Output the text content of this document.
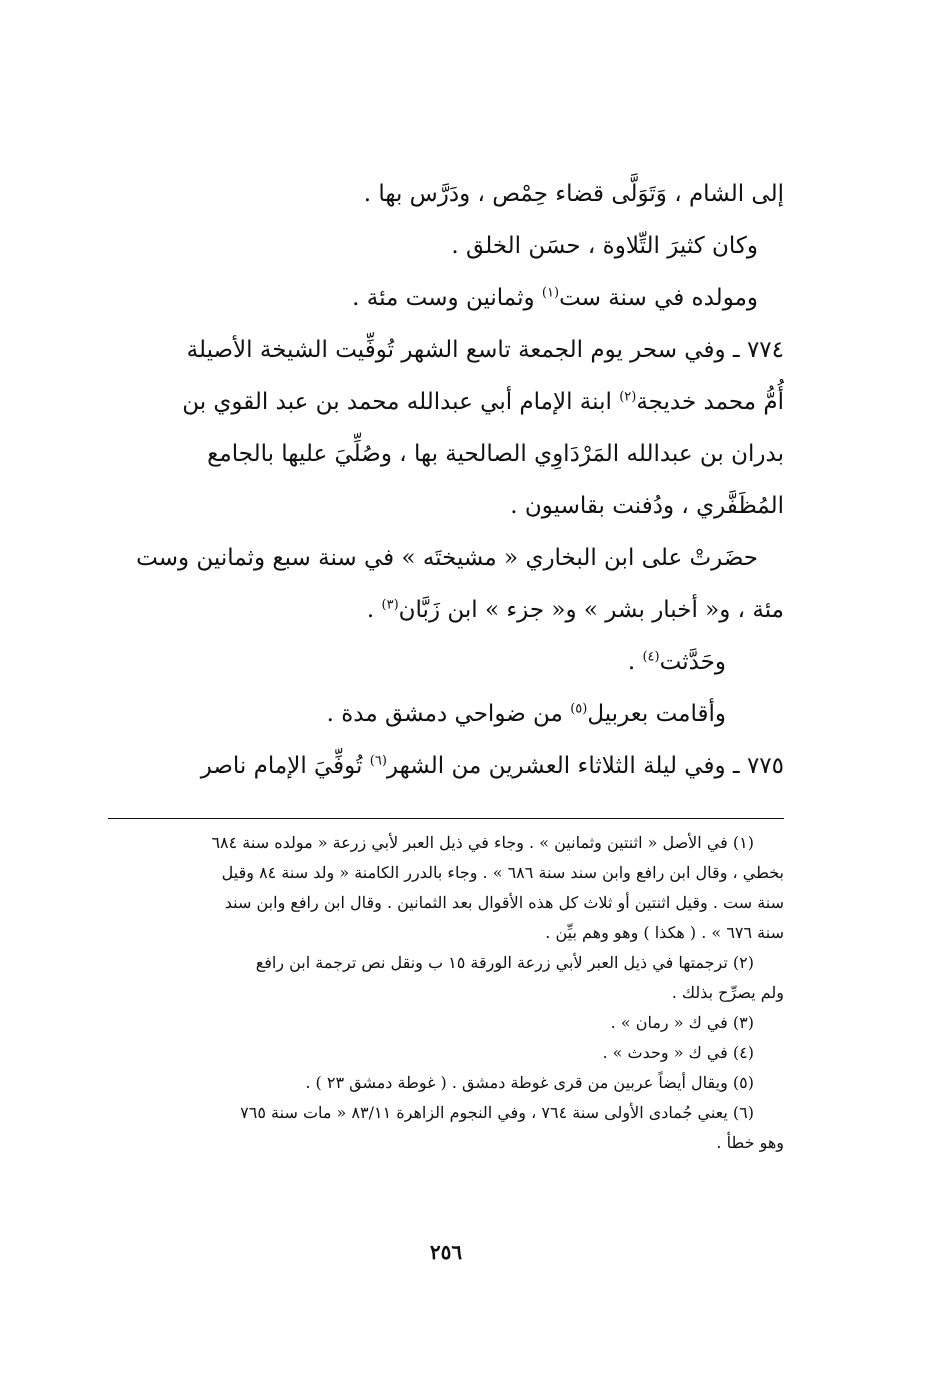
إلى الشام ، وَتَوَلَّى قضاء حِمْص ، ودَرَّس بها .
وكان كثيرَ التِّلاوة ، حسَن الخلق .
ومولده في سنة ست$^{(١)}$ وثمانين وست مئة .
٧٧٤ ـ وفي سحر يوم الجمعة تاسع الشهر تُوفِّيت الشيخة الأصيلة
أُمُّ محمد خديجة$^{(٢)}$ ابنة الإمام أبي عبدالله محمد بن عبد القوي بن
بدران بن عبدالله المَرْدَاوِي الصالحية بها ، وصُلِّيَ عليها بالجامع
المُظَفَّري ، ودُفنت بقاسيون .
حضَرتْ على ابن البخاري « مشيختَه » في سنة سبع وثمانين وست
مئة ، و« أخبار بشر » و« جزء » ابن زَبَّان$^{(٣)}$ .
وحَدَّثت$^{(٤)}$ .
وأقامت بعربيل$^{(٥)}$ من ضواحي دمشق مدة .
٧٧٥ ـ وفي ليلة الثلاثاء العشرين من الشهر$^{(٦)}$ تُوفِّيَ الإمام ناصر
(١) في الأصل « اثنتين وثمانين » . وجاء في ذيل العبر لأبي زرعة « مولده سنة ٦٨٤
بخطي ، وقال ابن رافع وابن سند سنة ٦٨٦ » . وجاء بالدرر الكامنة « ولد سنة ٨٤ وقيل
سنة ست . وقيل اثنتين أو ثلاث كل هذه الأقوال بعد الثمانين . وقال ابن رافع وابن سند
سنة ٦٧٦ » . ( هكذا ) وهو وهم بيِّن .
(٢) ترجمتها في ذيل العبر لأبي زرعة الورقة ١٥ ب ونقل نص ترجمة ابن رافع
ولم يصرِّح بذلك .
(٣) في ك « رمان » .
(٤) في ك « وحدث » .
(٥) ويقال أيضاً عربين من قرى غوطة دمشق . ( غوطة دمشق ٢٣ ) .
(٦) يعني جُمادى الأولى سنة ٧٦٤ ، وفي النجوم الزاهرة ٨٣/١١ « مات سنة ٧٦٥
وهو خطأ .
٢٥٦
